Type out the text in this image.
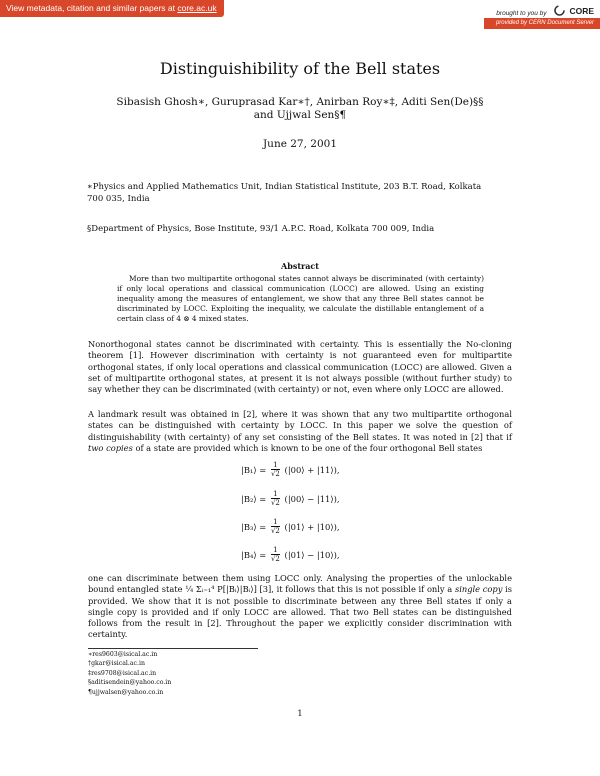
View metadata, citation and similar papers at core.ac.uk
brought to you by	CORE
provided by CERN Document Server
Distinguishibility of the Bell states
Sibasish Ghosh∗, Guruprasad Kar∗†, Anirban Roy∗‡, Aditi Sen(De)§§
and Ujjwal Sen§¶
June 27, 2001
∗Physics and Applied Mathematics Unit, Indian Statistical Institute, 203 B.T. Road, Kolkata
700 035, India
§Department of Physics, Bose Institute, 93/1 A.P.C. Road, Kolkata 700 009, India
Abstract
More than two multipartite orthogonal states cannot always be discriminated (with certainty) if only local operations and classical communication (LOCC) are allowed. Using an existing inequality among the measures of entanglement, we show that any three Bell states cannot be discriminated by LOCC. Exploiting the inequality, we calculate the distillable entanglement of a certain class of 4 ⊗ 4 mixed states.
Nonorthogonal states cannot be discriminated with certainty. This is essentially the No-cloning theorem [1]. However discrimination with certainty is not guaranteed even for multipartite orthogonal states, if only local operations and classical communication (LOCC) are allowed. Given a set of multipartite orthogonal states, at present it is not always possible (without further study) to say whether they can be discriminated (with certainty) or not, even where only LOCC are allowed.
A landmark result was obtained in [2], where it was shown that any two multipartite orthogonal states can be distinguished with certainty by LOCC. In this paper we solve the question of distinguishability (with certainty) of any set consisting of the Bell states. It was noted in [2] that if two copies of a state are provided which is known to be one of the four orthogonal Bell states
|B₁⟩ = $\frac{1}{√2}$ (|00⟩ + |11⟩),
|B₂⟩ = $\frac{1}{√2}$ (|00⟩ − |11⟩),
|B₃⟩ = $\frac{1}{√2}$ (|01⟩ + |10⟩),
|B₄⟩ = $\frac{1}{√2}$ (|01⟩ − |10⟩),
one can discriminate between them using LOCC only. Analysing the properties of the unlockable bound entangled state ¼ Σᵢ₌₁⁴ P[|Bᵢ⟩|Bᵢ⟩] [3], it follows that this is not possible if only a single copy is provided. We show that it is not possible to discriminate between any three Bell states if only a single copy is provided and if only LOCC are allowed. That two Bell states can be distinguished follows from the result in [2]. Throughout the paper we explicitly consider discrimination with certainty.
∗res9603@isical.ac.in
†gkar@isical.ac.in
‡res9708@isical.ac.in
§aditisendein@yahoo.co.in
¶ujjwalsen@yahoo.co.in
1
